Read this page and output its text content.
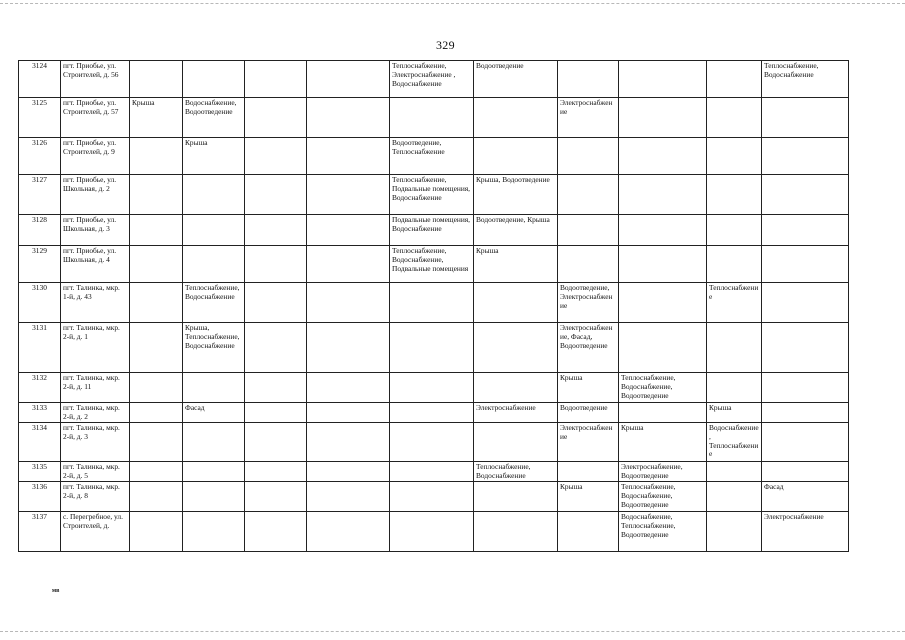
329
3124	пгт. Приобье, ул. Строителей, д. 56					Теплоснабжение, Электроснабжение , Водоснабжение	Водоотведение				Теплоснабжение, Водоснабжение
3125	пгт. Приобье, ул. Строителей, д. 57	Крыша	Водоснабжение, Водоотведение					Электроснабжение			
3126	пгт. Приобье, ул. Строителей, д. 9		Крыша			Водоотведение, Теплоснабжение					
3127	пгт. Приобье, ул. Школьная, д. 2					Теплоснабжение, Подвальные помещения, Водоснабжение	Крыша, Водоотведение				
3128	пгт. Приобье, ул. Школьная, д. 3					Подвальные помещения, Водоснабжение	Водоотведение, Крыша				
3129	пгт. Приобье, ул. Школьная, д. 4					Теплоснабжение, Водоснабжение, Подвальные помещения	Крыша				
3130	пгт. Талинка, мкр. 1-й, д. 43		Теплоснабжение, Водоснабжение					Водоотведение, Электроснабжение		Теплоснабжение	
3131	пгт. Талинка, мкр. 2-й, д. 1		Крыша, Теплоснабжение, Водоснабжение					Электроснабжение, Фасад, Водоотведение			
3132	пгт. Талинка, мкр. 2-й, д. 11							Крыша	Теплоснабжение, Водоснабжение, Водоотведение		
3133	пгт. Талинка, мкр. 2-й, д. 2		Фасад				Электроснабжение	Водоотведение		Крыша	
3134	пгт. Талинка, мкр. 2-й, д. 3							Электроснабжение	Крыша	Водоснабжение, Теплоснабжение	
3135	пгт. Талинка, мкр. 2-й, д. 5						Теплоснабжение, Водоснабжение		Электроснабжение, Водоотведение		
3136	пгт. Талинка, мкр. 2-й, д. 8							Крыша	Теплоснабжение, Водоснабжение, Водоотведение		Фасад
3137	с. Перегребное, ул. Строителей, д.								Водоснабжение, Теплоснабжение, Водоотведение		Электроснабжение
мв
